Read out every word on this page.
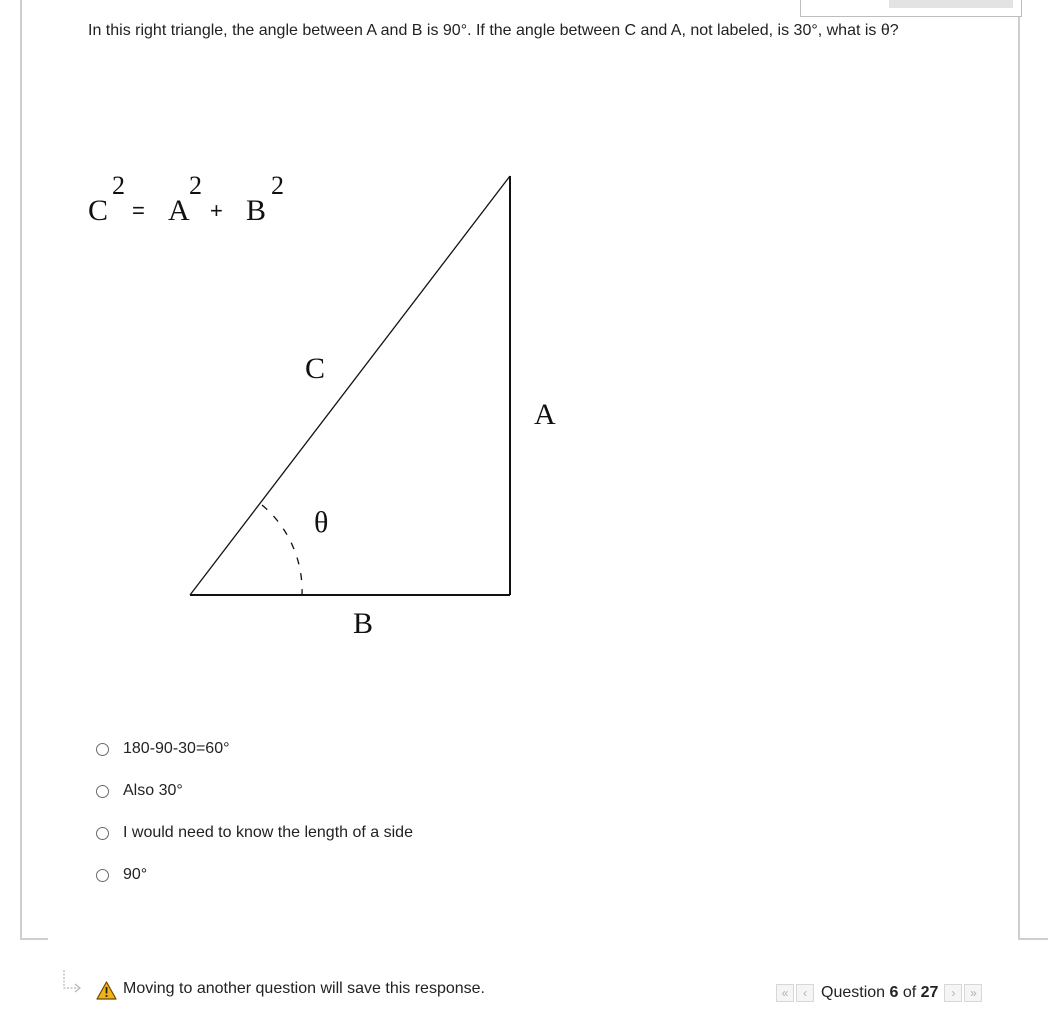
In this right triangle, the angle between A and B is 90°. If the angle between C and A, not labeled, is 30°, what is θ?
C
2
= A
2
+ B
2
C
A
B
θ
180-90-30=60°
Also 30°
I would need to know the length of a side
90°
Moving to another question will save this response.	«	‹ Question 6 of 27	›	»
